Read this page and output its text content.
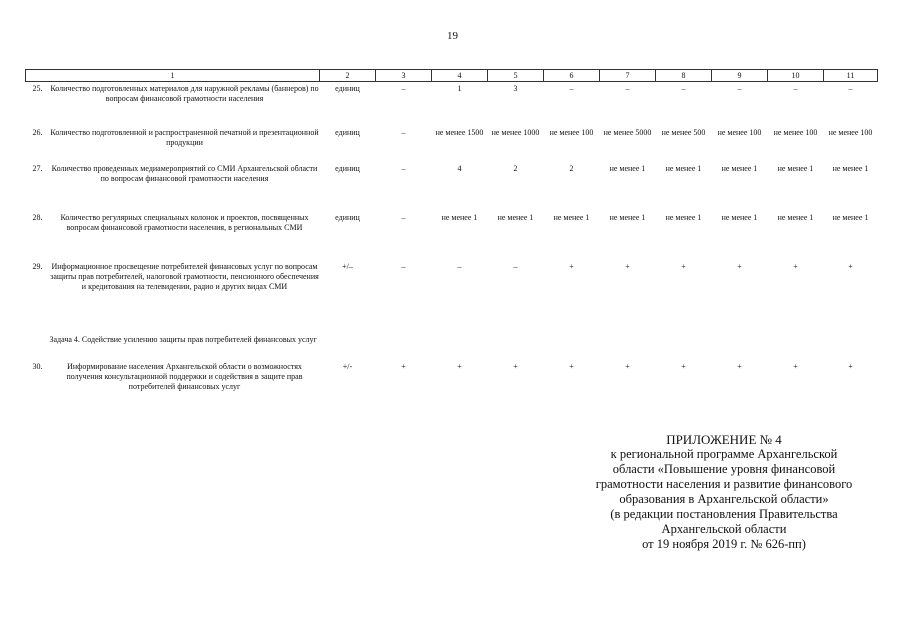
19
1		2	3	4	5	6	7	8	9	10	11
25.	Количество подготовленных материалов для наружной рекламы (баннеров) по вопросам финансовой грамотности населения	единиц	–	1	3	–	–	–	–	–	–
26.	Количество подготовленной и распространенной печатной и презентационной продукции	единиц	–	не менее 1500	не менее 1000	не менее 100	не менее 5000	не менее 500	не менее 100	не менее 100	не менее 100
27.	Количество проведенных медиамероприятий со СМИ Архангельской области по вопросам финансовой грамотности населения	единиц	–	4	2	2	не менее 1	не менее 1	не менее 1	не менее 1	не менее 1
28.	Количество регулярных специальных колонок и проектов, посвященных вопросам финансовой грамотности населения, в региональных СМИ	единиц	–	не менее 1	не менее 1	не менее 1	не менее 1	не менее 1	не менее 1	не менее 1	не менее 1
29.	Информационное просвещение потребителей финансовых услуг по вопросам защиты прав потребителей, налоговой грамотности, пенсионного обеспечения и кредитования на телевидении, радио и других видах СМИ	+/–	–	–	–	+	+	+	+	+	+
Задача 4. Содействие усилению защиты прав потребителей финансовых услуг											
30.	Информирование населения Архангельской области о возможностях получения консультационной поддержки и содействия в защите прав потребителей финансовых услуг	+/-	+	+	+	+	+	+	+	+	+
ПРИЛОЖЕНИЕ № 4
к региональной программе Архангельской
области «Повышение уровня финансовой
грамотности населения и развитие финансового
образования в Архангельской области»
(в редакции постановления Правительства
Архангельской области
от 19 ноября 2019 г. № 626-пп)
